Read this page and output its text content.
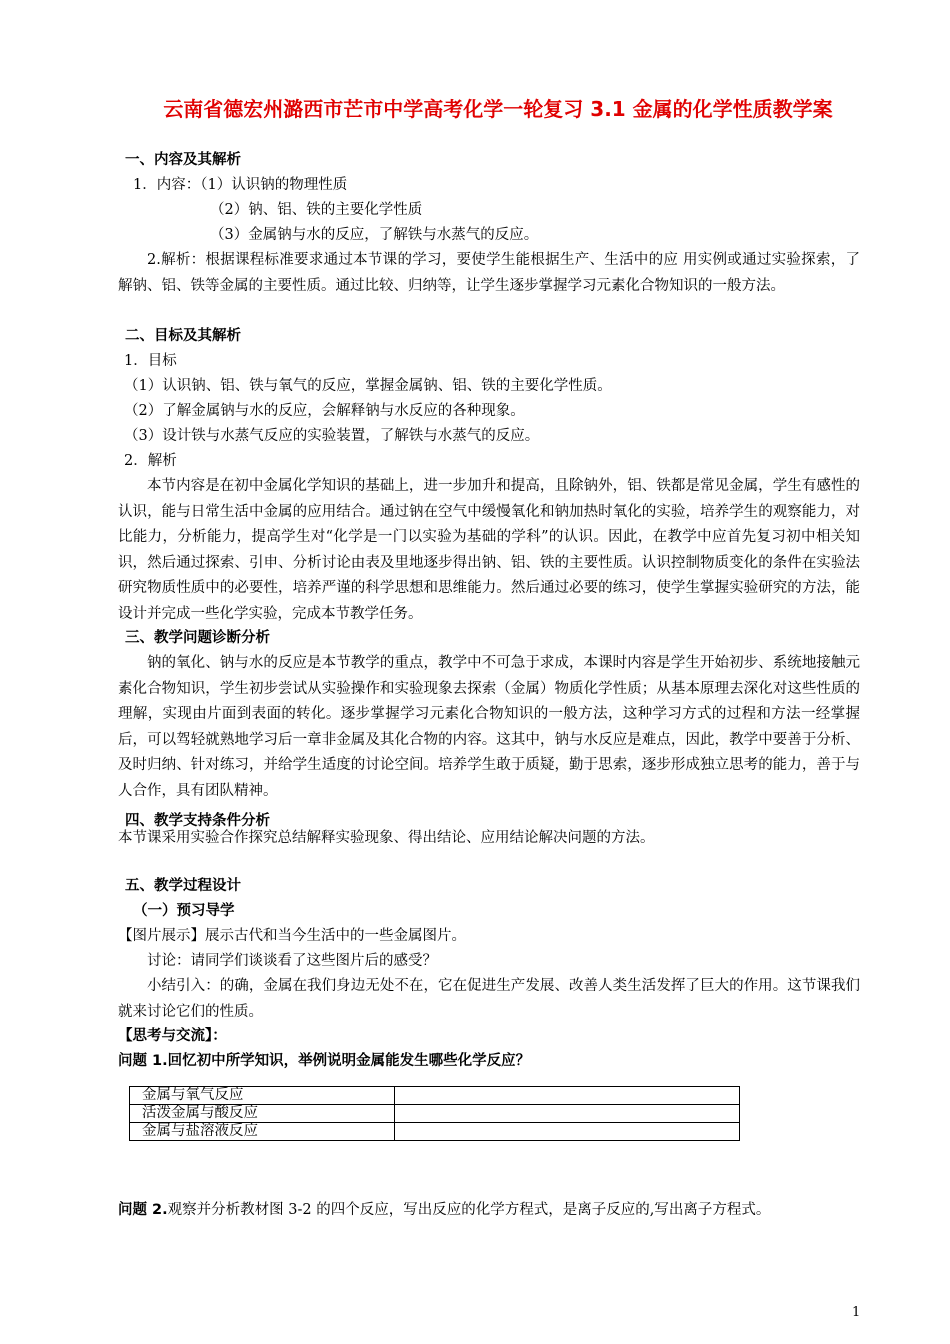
云南省德宏州潞西市芒市中学高考化学一轮复习 3.1 金属的化学性质教学案
一、内容及其解析
1．内容：（1）认识钠的物理性质
（2）钠、铝、铁的主要化学性质
（3）金属钠与水的反应，了解铁与水蒸气的反应。
2.解析：根据课程标准要求通过本节课的学习，要使学生能根据生产、生活中的应 用实例或通过实验探索，了解钠、铝、铁等金属的主要性质。通过比较、归纳等，让学生逐步掌握学习元素化合物知识的一般方法。
二、目标及其解析
1．目标
（1）认识钠、铝、铁与氧气的反应，掌握金属钠、铝、铁的主要化学性质。
（2）了解金属钠与水的反应，会解释钠与水反应的各种现象。
（3）设计铁与水蒸气反应的实验装置，了解铁与水蒸气的反应。
2．解析
本节内容是在初中金属化学知识的基础上，进一步加升和提高，且除钠外，铝、铁都是常见金属，学生有感性的认识，能与日常生活中金属的应用结合。通过钠在空气中缓慢氧化和钠加热时氧化的实验，培养学生的观察能力，对比能力，分析能力，提高学生对“化学是一门以实验为基础的学科”的认识。因此，在教学中应首先复习初中相关知识，然后通过探索、引申、分析讨论由表及里地逐步得出钠、铝、铁的主要性质。认识控制物质变化的条件在实验法研究物质性质中的必要性，培养严谨的科学思想和思维能力。然后通过必要的练习，使学生掌握实验研究的方法，能设计并完成一些化学实验，完成本节教学任务。
三、教学问题诊断分析
钠的氧化、钠与水的反应是本节教学的重点，教学中不可急于求成，本课时内容是学生开始初步、系统地接触元素化合物知识，学生初步尝试从实验操作和实验现象去探索（金属）物质化学性质；从基本原理去深化对这些性质的理解，实现由片面到表面的转化。逐步掌握学习元素化合物知识的一般方法，这种学习方式的过程和方法一经掌握后，可以驾轻就熟地学习后一章非金属及其化合物的内容。这其中，钠与水反应是难点，因此，教学中要善于分析、及时归纳、针对练习，并给学生适度的讨论空间。培养学生敢于质疑，勤于思索，逐步形成独立思考的能力，善于与人合作，具有团队精神。
四、教学支持条件分析
本节课采用实验合作探究总结解释实验现象、得出结论、应用结论解决问题的方法。
五、教学过程设计
（一）预习导学
【图片展示】展示古代和当今生活中的一些金属图片。
讨论：请同学们谈谈看了这些图片后的感受？
小结引入：的确，金属在我们身边无处不在，它在促进生产发展、改善人类生活发挥了巨大的作用。这节课我们就来讨论它们的性质。
【思考与交流】：
问题 1.回忆初中所学知识，举例说明金属能发生哪些化学反应？
金属与氧气反应	
活泼金属与酸反应	
金属与盐溶液反应	
问题 2.观察并分析教材图 3-2 的四个反应，写出反应的化学方程式，是离子反应的,写出离子方程式。
1
